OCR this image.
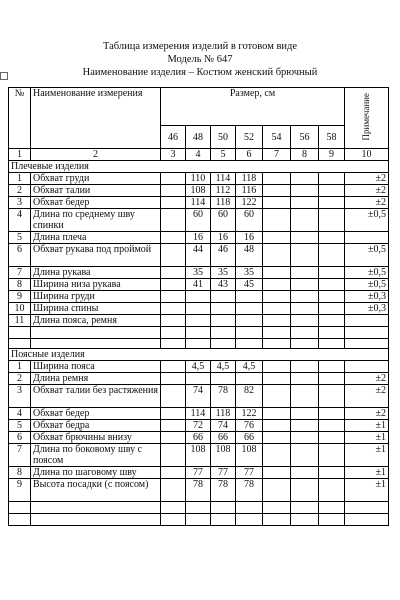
Таблица измерения изделий в готовом виде
Модель № 647
Наименование изделия – Костюм женский брючный
№	Наименование измерения	Размер, см							Примечание
		46	48	50	52	54	56	58	
1	2	3	4	5	6	7	8	9	10
Плечевые изделия									
1	Обхват груди		110	114	118				±2
2	Обхват талии		108	112	116				±2
3	Обхват бедер		114	118	122				±2
4	Длина по среднему шву спинки		60	60	60				±0,5
5	Длина плеча		16	16	16				
6	Обхват рукава под проймой		44	46	48				±0,5
7	Длина рукава		35	35	35				±0,5
8	Ширина низа рукава		41	43	45				±0,5
9	Ширина груди								±0,3
10	Ширина спины								±0,3
11	Длина пояса, ремня								

Поясные изделия									
1	Ширина пояса		4,5	4,5	4,5				
2	Длина ремня								±2
3	Обхват талии без растяжения		74	78	82				±2
4	Обхват бедер		114	118	122				±2
5	Обхват бедра		72	74	76				±1
6	Обхват брючины внизу		66	66	66				±1
7	Длина по боковому шву с поясом		108	108	108				±1
8	Длина по шаговому шву		77	77	77				±1
9	Высота посадки (с поясом)		78	78	78				±1
